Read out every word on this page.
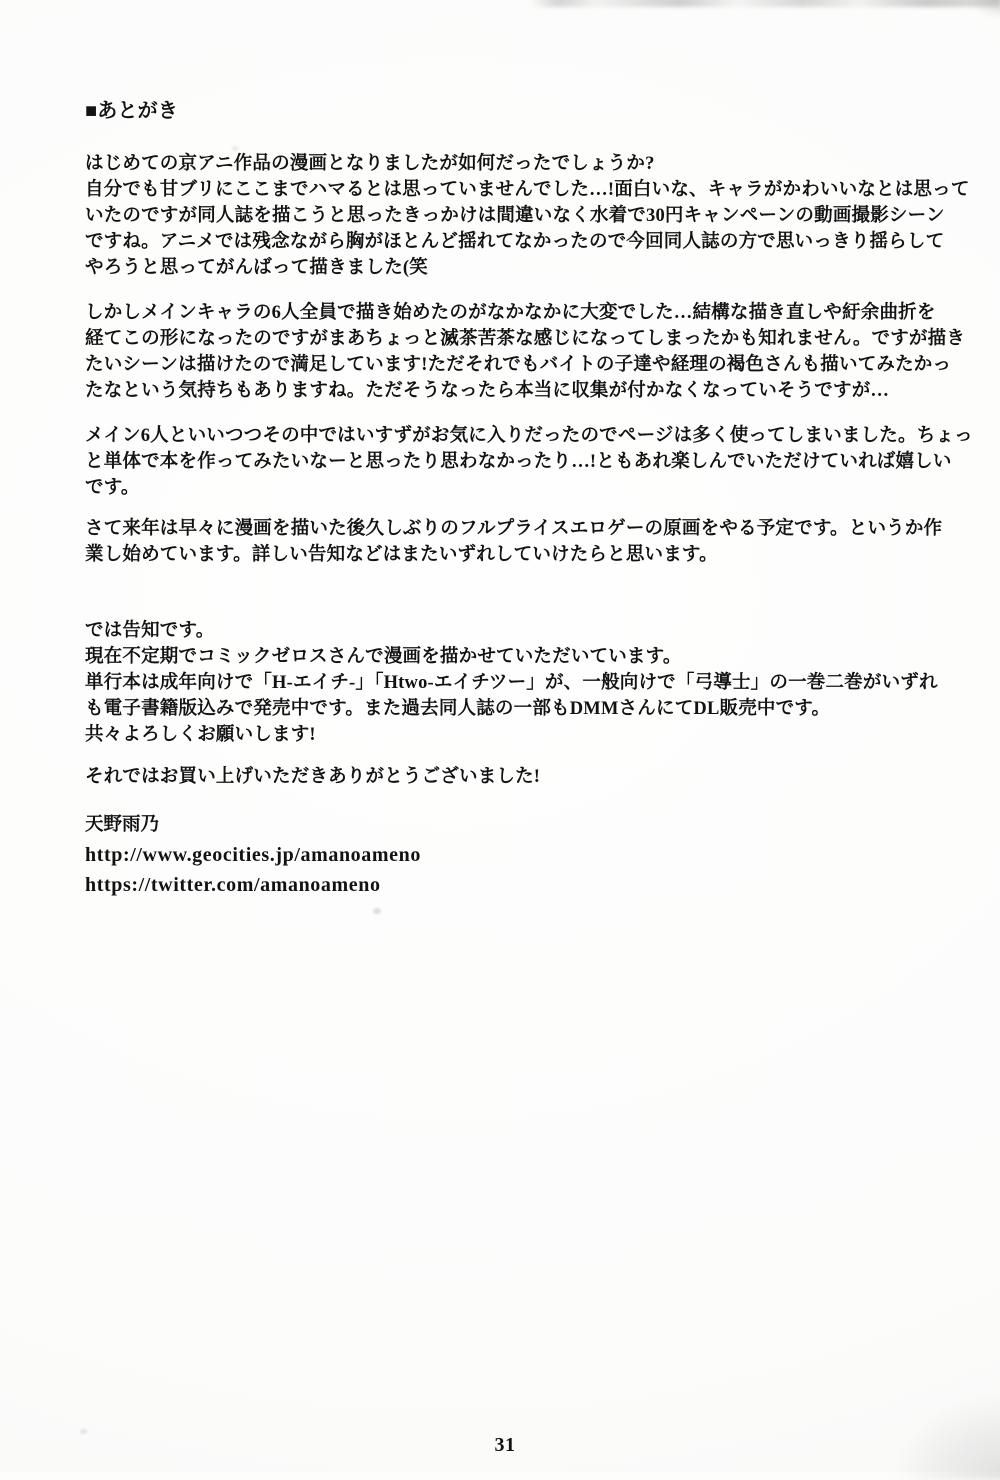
■あとがき
はじめての京アニ作品の漫画となりましたが如何だったでしょうか?
自分でも甘ブリにここまでハマるとは思っていませんでした…!面白いな、キャラがかわいいなとは思って
いたのですが同人誌を描こうと思ったきっかけは間違いなく水着で30円キャンペーンの動画撮影シーン
ですね。アニメでは残念ながら胸がほとんど揺れてなかったので今回同人誌の方で思いっきり揺らして
やろうと思ってがんばって描きました(笑
しかしメインキャラの6人全員で描き始めたのがなかなかに大変でした…結構な描き直しや紆余曲折を
経てこの形になったのですがまあちょっと滅茶苦茶な感じになってしまったかも知れません。ですが描き
たいシーンは描けたので満足しています!ただそれでもバイトの子達や経理の褐色さんも描いてみたかっ
たなという気持ちもありますね。ただそうなったら本当に収集が付かなくなっていそうですが…
メイン6人といいつつその中ではいすずがお気に入りだったのでページは多く使ってしまいました。ちょっ
と単体で本を作ってみたいなーと思ったり思わなかったり…!ともあれ楽しんでいただけていれば嬉しい
です。
さて来年は早々に漫画を描いた後久しぶりのフルプライスエロゲーの原画をやる予定です。というか作
業し始めています。詳しい告知などはまたいずれしていけたらと思います。
では告知です。
現在不定期でコミックゼロスさんで漫画を描かせていただいています。
単行本は成年向けで「H-エイチ-」「Htwo-エイチツー」が、一般向けで「弓導士」の一巻二巻がいずれ
も電子書籍版込みで発売中です。また過去同人誌の一部もDMMさんにてDL販売中です。
共々よろしくお願いします!
それではお買い上げいただきありがとうございました!
天野雨乃
http://www.geocities.jp/amanoameno
https://twitter.com/amanoameno
31
